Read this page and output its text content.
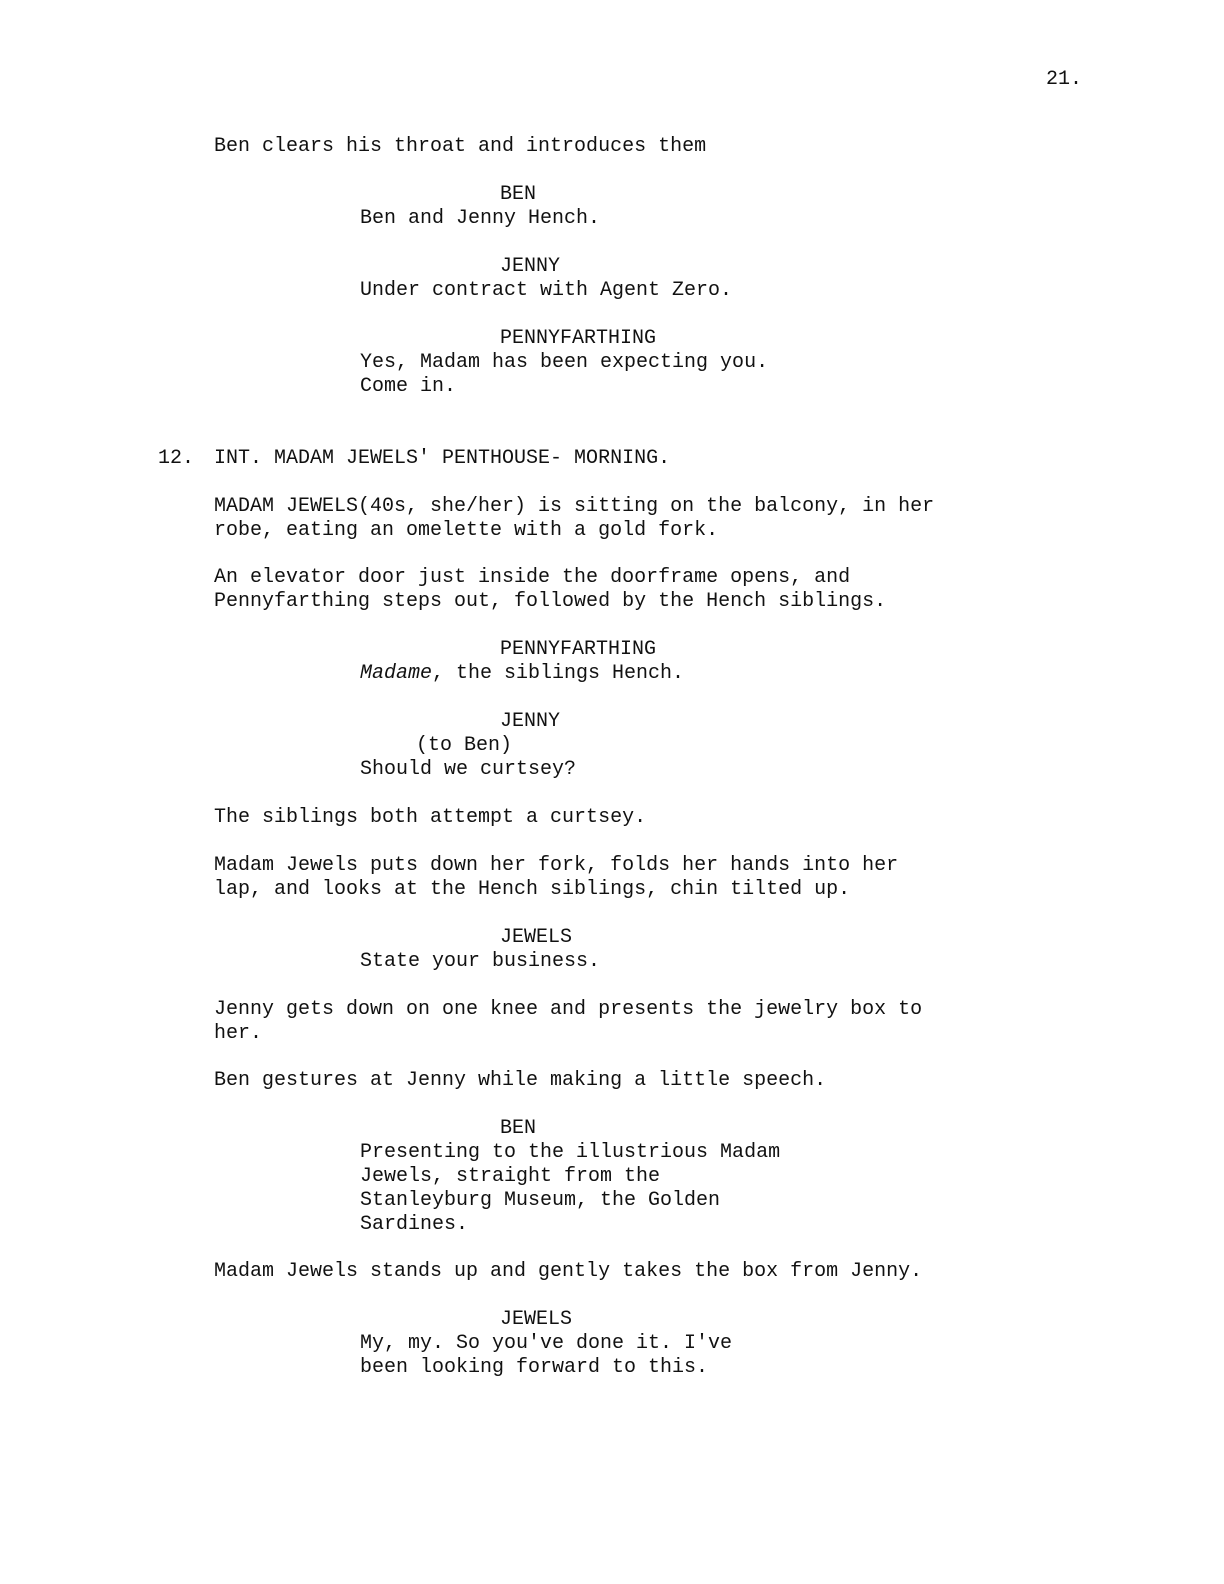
21.
Ben clears his throat and introduces them
BEN
Ben and Jenny Hench.
JENNY
Under contract with Agent Zero.
PENNYFARTHING
Yes, Madam has been expecting you.
Come in.
12. INT. MADAM JEWELS' PENTHOUSE- MORNING.
MADAM JEWELS(40s, she/her) is sitting on the balcony, in her
robe, eating an omelette with a gold fork.
An elevator door just inside the doorframe opens, and
Pennyfarthing steps out, followed by the Hench siblings.
PENNYFARTHING
Madame, the siblings Hench.
JENNY
(to Ben)
Should we curtsey?
The siblings both attempt a curtsey.
Madam Jewels puts down her fork, folds her hands into her
lap, and looks at the Hench siblings, chin tilted up.
JEWELS
State your business.
Jenny gets down on one knee and presents the jewelry box to
her.
Ben gestures at Jenny while making a little speech.
BEN
Presenting to the illustrious Madam
Jewels, straight from the
Stanleyburg Museum, the Golden
Sardines.
Madam Jewels stands up and gently takes the box from Jenny.
JEWELS
My, my. So you've done it. I've
been looking forward to this.
